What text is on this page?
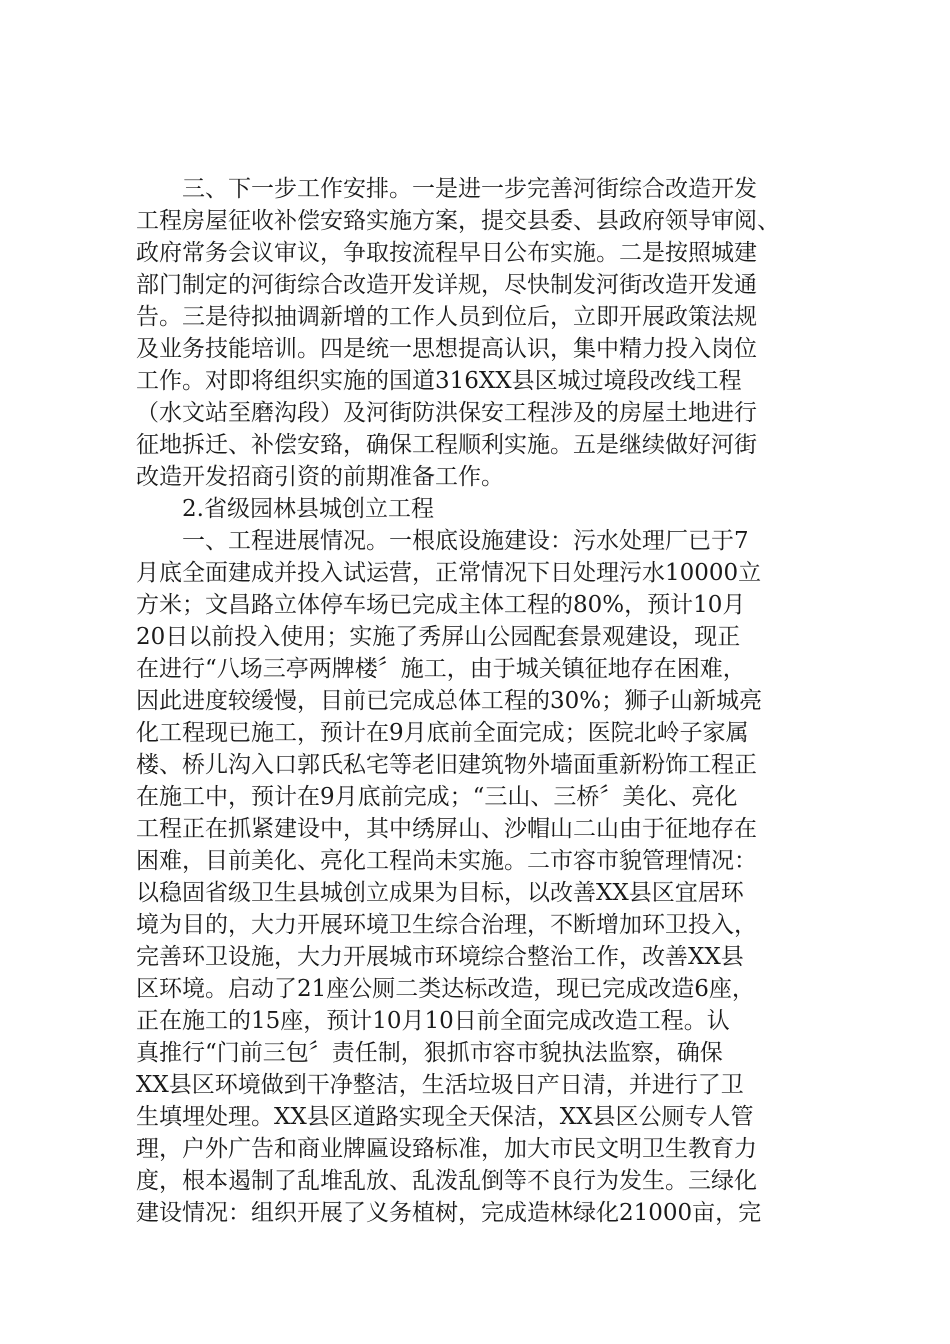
　　三、下一步工作安排。一是进一步完善河街综合改造开发
工程房屋征收补偿安臵实施方案，提交县委、县政府领导审阅、
政府常务会议审议，争取按流程早日公布实施。二是按照城建
部门制定的河街综合改造开发详规，尽快制发河街改造开发通
告。三是待拟抽调新增的工作人员到位后，立即开展政策法规
及业务技能培训。四是统一思想提高认识，集中精力投入岗位
工作。对即将组织实施的国道316XX县区城过境段改线工程
（水文站至磨沟段）及河街防洪保安工程涉及的房屋土地进行
征地拆迁、补偿安臵，确保工程顺利实施。五是继续做好河街
改造开发招商引资的前期准备工作。
　　2.省级园林县城创立工程
　　一、工程进展情况。一根底设施建设：污水处理厂已于7
月底全面建成并投入试运营，正常情况下日处理污水10000立
方米；文昌路立体停车场已完成主体工程的80%，预计10月
20日以前投入使用；实施了秀屏山公园配套景观建设，现正
在进行“八场三亭两牌楼〞施工，由于城关镇征地存在困难，
因此进度较缓慢，目前已完成总体工程的30%；狮子山新城亮
化工程现已施工，预计在9月底前全面完成；医院北岭子家属
楼、桥儿沟入口郭氏私宅等老旧建筑物外墙面重新粉饰工程正
在施工中，预计在9月底前完成；“三山、三桥〞美化、亮化
工程正在抓紧建设中，其中绣屏山、沙帽山二山由于征地存在
困难，目前美化、亮化工程尚未实施。二市容市貌管理情况：
以稳固省级卫生县城创立成果为目标，以改善XX县区宜居环
境为目的，大力开展环境卫生综合治理，不断增加环卫投入，
完善环卫设施，大力开展城市环境综合整治工作，改善XX县
区环境。启动了21座公厕二类达标改造，现已完成改造6座，
正在施工的15座，预计10月10日前全面完成改造工程。认
真推行“门前三包〞责任制，狠抓市容市貌执法监察，确保
XX县区环境做到干净整洁，生活垃圾日产日清，并进行了卫
生填埋处理。XX县区道路实现全天保洁，XX县区公厕专人管
理，户外广告和商业牌匾设臵标准，加大市民文明卫生教育力
度，根本遏制了乱堆乱放、乱泼乱倒等不良行为发生。三绿化
建设情况：组织开展了义务植树，完成造林绿化21000亩，完
